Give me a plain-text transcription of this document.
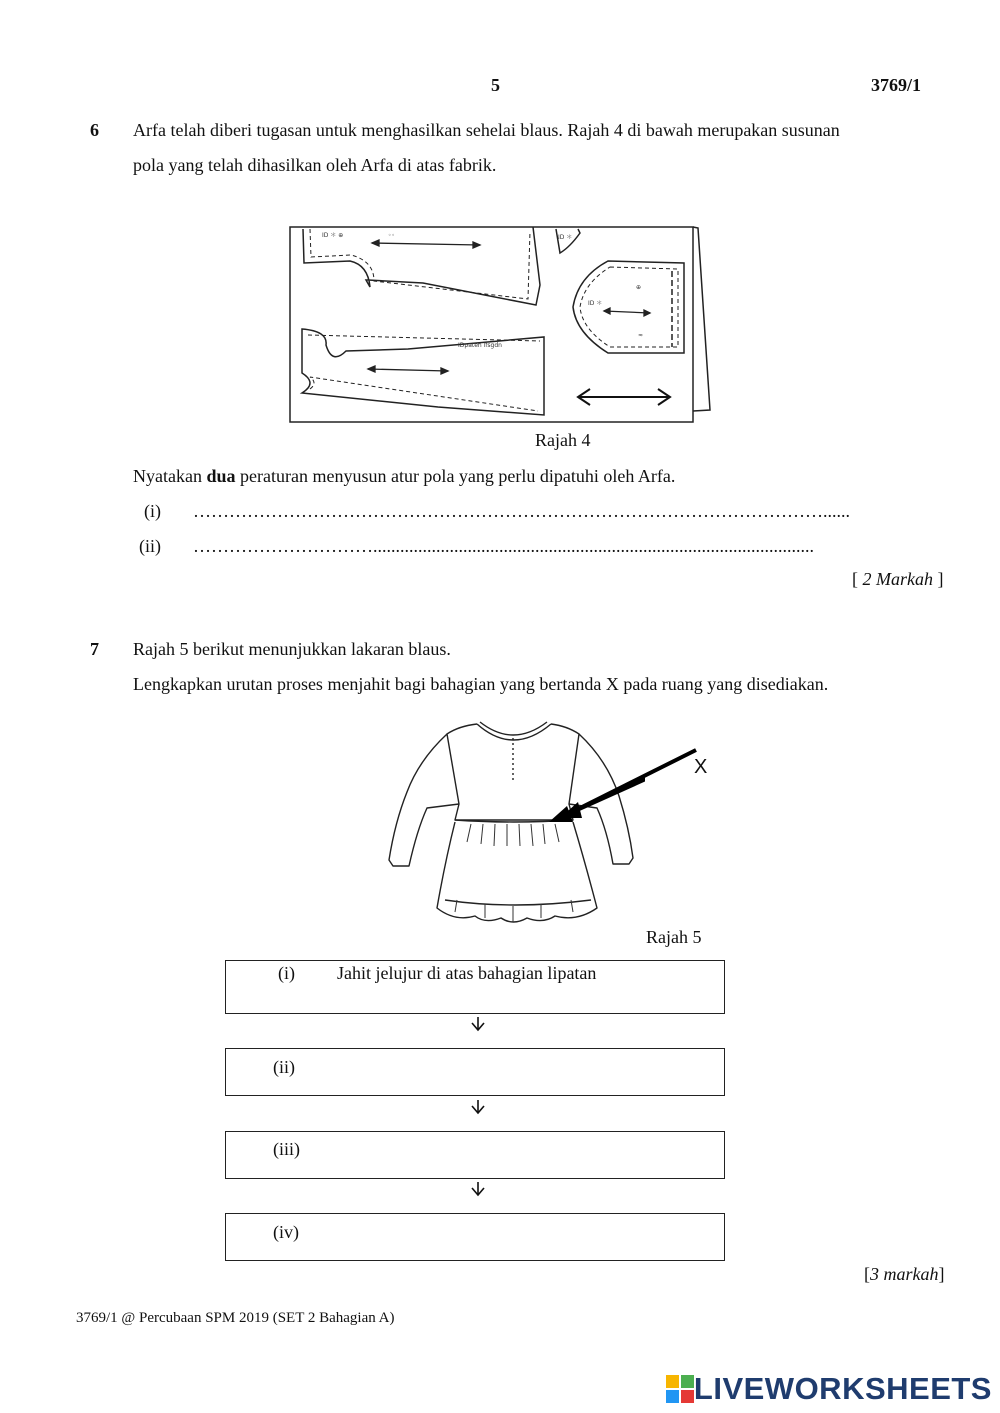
5	3769/1
6 Arfa telah diberi tugasan untuk menghasilkan sehelai blaus. Rajah 4 di bawah merupakan susunan
pola yang telah dihasilkan oleh Arfa di atas fabrik.
ID ＊ ⊕	◦◦	ID ＊
IDpaten lfsgdn
ID ＊
⊕
≈
Rajah 4
Nyatakan dua peraturan menyusun atur pola yang perlu dipatuhi oleh Arfa.
(i) ……………………………………………………………………………………………......
(ii) …………………………..................................................................................................
[ 2 Markah ]
7 Rajah 5 berikut menunjukkan lakaran blaus.
Lengkapkan urutan proses menjahit bagi bahagian yang bertanda X pada ruang yang disediakan.
X
Rajah 5
(i) Jahit jelujur di atas bahagian lipatan
(ii)
(iii)
(iv)
[3 markah]
3769/1 @ Percubaan SPM 2019 (SET 2 Bahagian A)
LIVEWORKSHEETS
